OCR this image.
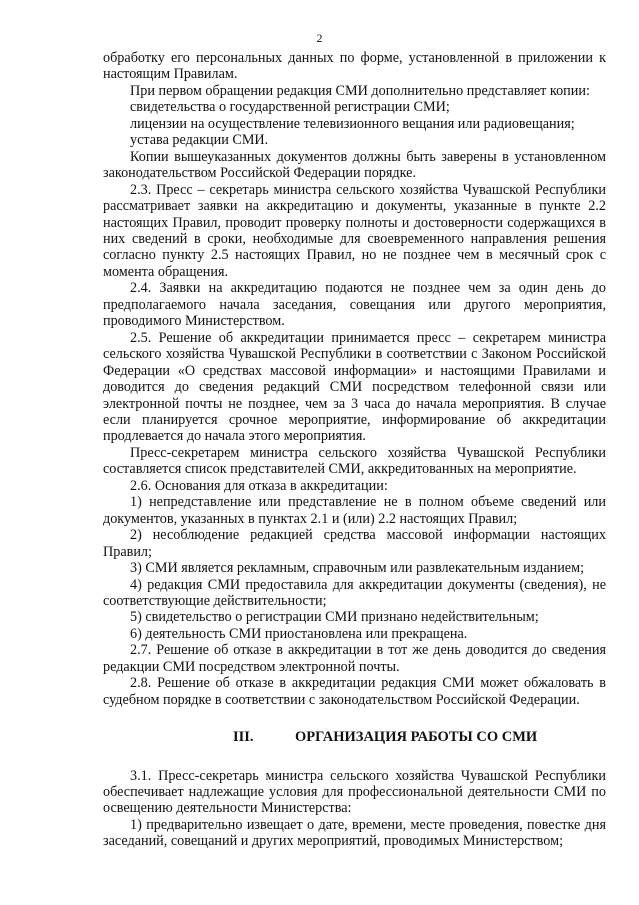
2

обработку его персональных данных по форме, установленной в приложении к настоящим Правилам.

При первом обращении редакция СМИ дополнительно представляет копии:

свидетельства о государственной регистрации СМИ;

лицензии на осуществление телевизионного вещания или радиовещания;

устава редакции СМИ.

Копии вышеуказанных документов должны быть заверены в установленном законодательством Российской Федерации порядке.

2.3. Пресс – секретарь министра сельского хозяйства Чувашской Республики рассматривает заявки на аккредитацию и документы, указанные в пункте 2.2 настоящих Правил, проводит проверку полноты и достоверности содержащихся в них сведений в сроки, необходимые для своевременного направления решения согласно пункту 2.5 настоящих Правил, но не позднее чем в месячный срок с момента обращения.

2.4. Заявки на аккредитацию подаются не позднее чем за один день до предполагаемого начала заседания, совещания или другого мероприятия, проводимого Министерством.

2.5. Решение об аккредитации принимается пресс – секретарем министра сельского хозяйства Чувашской Республики в соответствии с Законом Российской Федерации «О средствах массовой информации» и настоящими Правилами и доводится до сведения редакций СМИ посредством телефонной связи или электронной почты не позднее, чем за 3 часа до начала мероприятия. В случае если планируется срочное мероприятие, информирование об аккредитации продлевается до начала этого мероприятия.

Пресс-секретарем министра сельского хозяйства Чувашской Республики составляется список представителей СМИ, аккредитованных на мероприятие.

2.6. Основания для отказа в аккредитации:

1) непредставление или представление не в полном объеме сведений или документов, указанных в пунктах 2.1 и (или) 2.2 настоящих Правил;

2) несоблюдение редакцией средства массовой информации настоящих Правил;

3) СМИ является рекламным, справочным или развлекательным изданием;

4) редакция СМИ предоставила для аккредитации документы (сведения), не соответствующие действительности;

5) свидетельство о регистрации СМИ признано недействительным;

6) деятельность СМИ приостановлена или прекращена.

2.7. Решение об отказе в аккредитации в тот же день доводится до сведения редакции СМИ посредством электронной почты.

2.8. Решение об отказе в аккредитации редакция СМИ может обжаловать в судебном порядке в соответствии с законодательством Российской Федерации.

III.	ОРГАНИЗАЦИЯ РАБОТЫ СО СМИ

3.1. Пресс-секретарь министра сельского хозяйства Чувашской Республики обеспечивает надлежащие условия для профессиональной деятельности СМИ по освещению деятельности Министерства:

1) предварительно извещает о дате, времени, месте проведения, повестке дня заседаний, совещаний и других мероприятий, проводимых Министерством;
